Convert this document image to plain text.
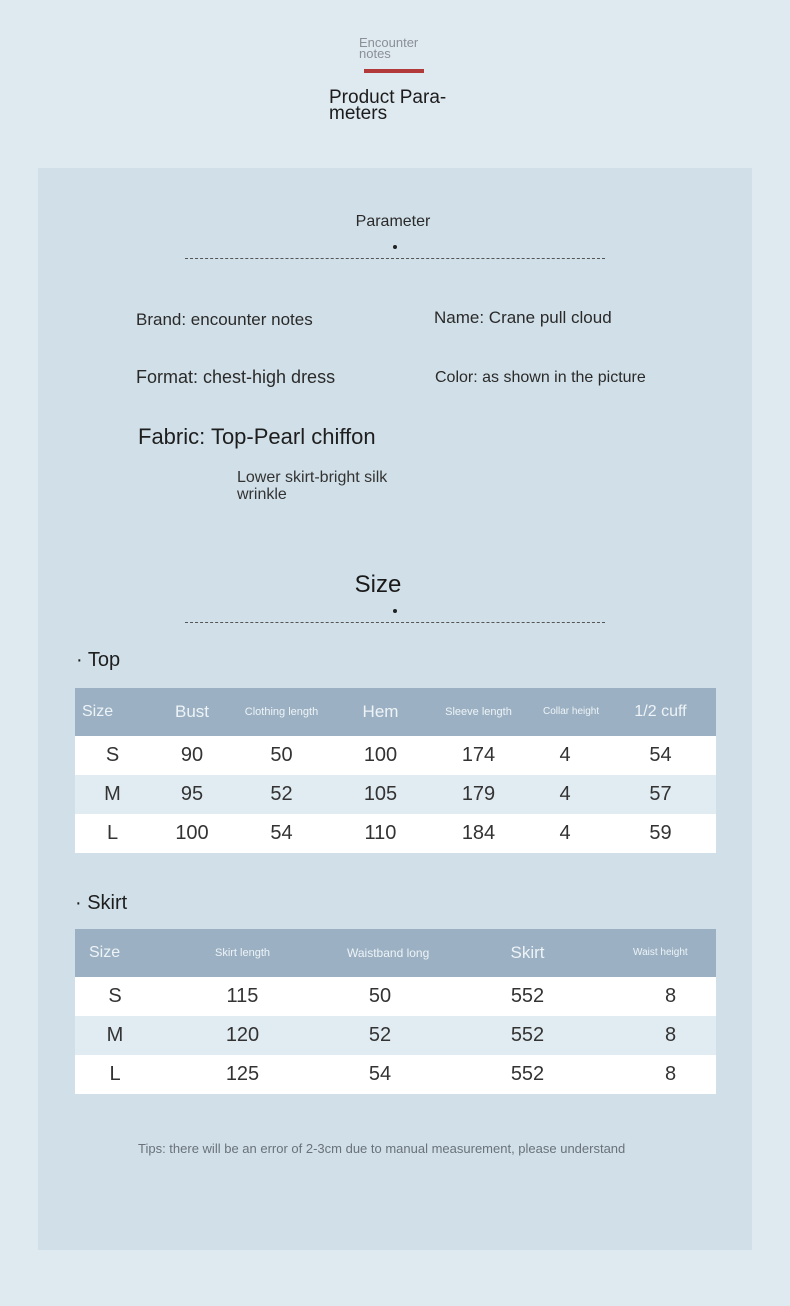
Encounter notes
Product Para-meters
Parameter
Brand: encounter notes	Name: Crane pull cloud
Format: chest-high dress	Color: as shown in the picture
Fabric: Top-Pearl chiffon
Lower skirt-bright silk wrinkle
Size
· Top
Size	Bust	Clothing length	Hem	Sleeve length	Collar height	1/2 cuff
S	90	50	100	174	4	54
M	95	52	105	179	4	57
L	100	54	110	184	4	59
· Skirt
Size	Skirt length	Waistband long	Skirt	Waist height
S	115	50	552	8
M	120	52	552	8
L	125	54	552	8
Tips: there will be an error of 2-3cm due to manual measurement, please understand
